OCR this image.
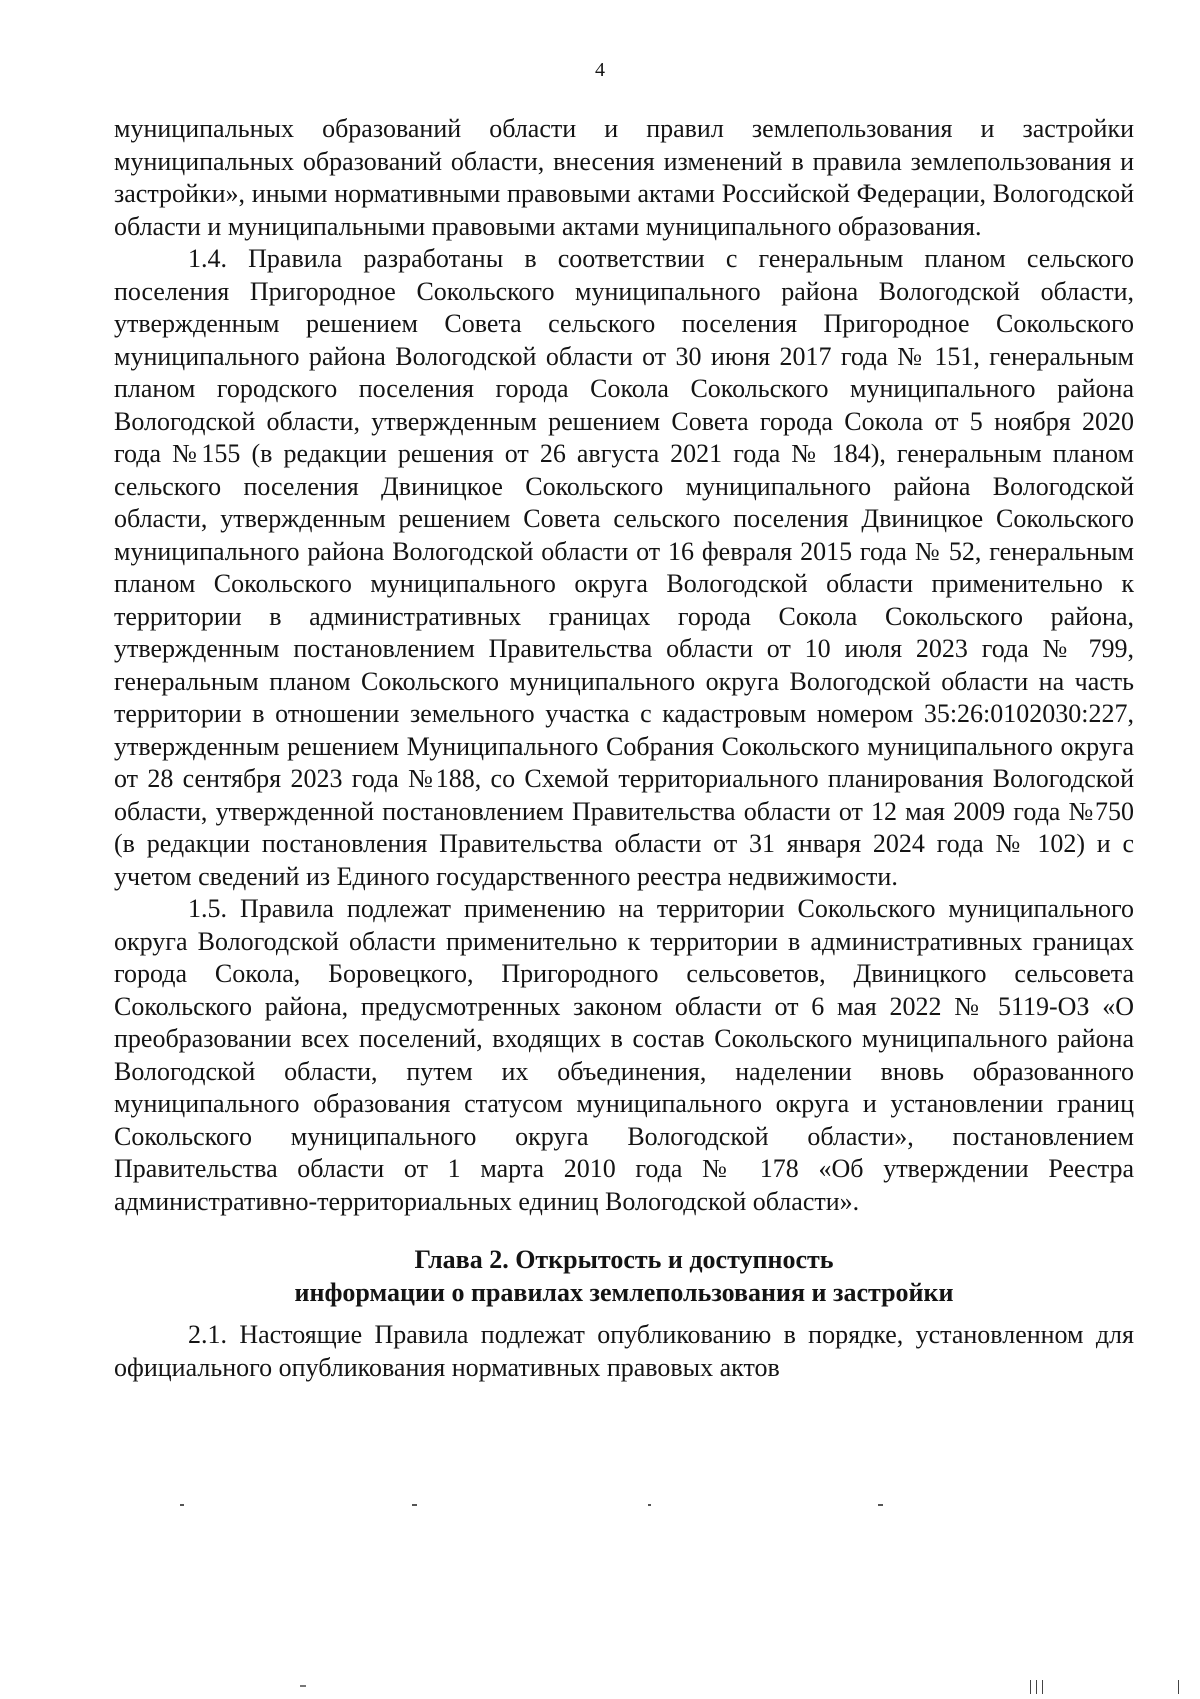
4

муниципальных образований области и правил землепользования и застройки муниципальных образований области, внесения изменений в правила землепользования и застройки», иными нормативными правовыми актами Российской Федерации, Вологодской области и муниципальными правовыми актами муниципального образования.

1.4. Правила разработаны в соответствии с генеральным планом сельского поселения Пригородное Сокольского муниципального района Вологодской области, утвержденным решением Совета сельского поселения Пригородное Сокольского муниципального района Вологодской области от 30 июня 2017 года № 151, генеральным планом городского поселения города Сокола Сокольского муниципального района Вологодской области, утвержденным решением Совета города Сокола от 5 ноября 2020 года №155 (в редакции решения от 26 августа 2021 года № 184), генеральным планом сельского поселения Двиницкое Сокольского муниципального района Вологодской области, утвержденным решением Совета сельского поселения Двиницкое Сокольского муниципального района Вологодской области от 16 февраля 2015 года № 52, генеральным планом Сокольского муниципального округа Вологодской области применительно к территории в административных границах города Сокола Сокольского района, утвержденным постановлением Правительства области от 10 июля 2023 года № 799, генеральным планом Сокольского муниципального округа Вологодской области на часть территории в отношении земельного участка с кадастровым номером 35:26:0102030:227, утвержденным решением Муниципального Собрания Сокольского муниципального округа от 28 сентября 2023 года №188, со Схемой территориального планирования Вологодской области, утвержденной постановлением Правительства области от 12 мая 2009 года №750 (в редакции постановления Правительства области от 31 января 2024 года № 102) и с учетом сведений из Единого государственного реестра недвижимости.

1.5. Правила подлежат применению на территории Сокольского муниципального округа Вологодской области применительно к территории в административных границах города Сокола, Боровецкого, Пригородного сельсоветов, Двиницкого сельсовета Сокольского района, предусмотренных законом области от 6 мая 2022 № 5119-ОЗ «О преобразовании всех поселений, входящих в состав Сокольского муниципального района Вологодской области, путем их объединения, наделении вновь образованного муниципального образования статусом муниципального округа и установлении границ Сокольского муниципального округа Вологодской области», постановлением Правительства области от 1 марта 2010 года № 178 «Об утверждении Реестра административно-территориальных единиц Вологодской области».

Глава 2. Открытость и доступность
информации о правилах землепользования и застройки

2.1. Настоящие Правила подлежат опубликованию в порядке, установленном для официального опубликования нормативных правовых актов
